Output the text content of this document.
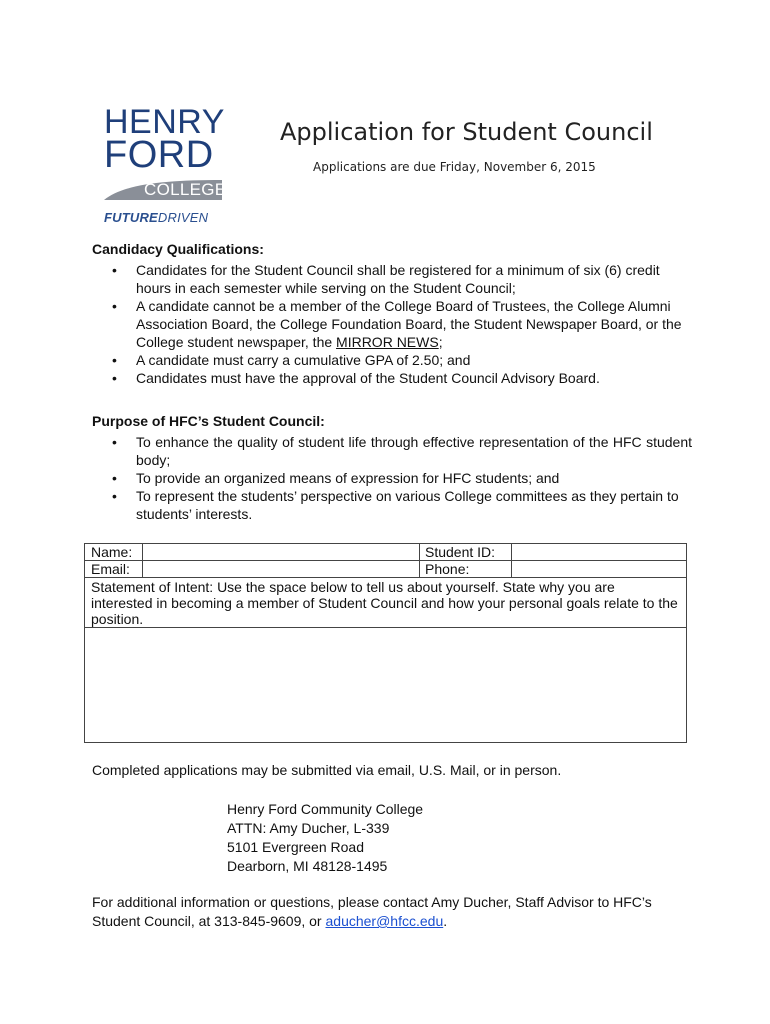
HENRY
FORD
COLLEGE
FUTUREDRIVEN
Application for Student Council
Applications are due Friday, November 6, 2015
Candidacy Qualifications:
• Candidates for the Student Council shall be registered for a minimum of six (6) credit hours in each semester while serving on the Student Council;
• A candidate cannot be a member of the College Board of Trustees, the College Alumni Association Board, the College Foundation Board, the Student Newspaper Board, or the College student newspaper, the MIRROR NEWS;
• A candidate must carry a cumulative GPA of 2.50; and
• Candidates must have the approval of the Student Council Advisory Board.
Purpose of HFC’s Student Council:
• To enhance the quality of student life through effective representation of the HFC student body;
• To provide an organized means of expression for HFC students; and
• To represent the students’ perspective on various College committees as they pertain to students’ interests.
Name:	Student ID:
Email:	Phone:
Statement of Intent: Use the space below to tell us about yourself. State why you are interested in becoming a member of Student Council and how your personal goals relate to the position.
Completed applications may be submitted via email, U.S. Mail, or in person.
Henry Ford Community College
ATTN: Amy Ducher, L-339
5101 Evergreen Road
Dearborn, MI 48128-1495
For additional information or questions, please contact Amy Ducher, Staff Advisor to HFC’s
Student Council, at 313-845-9609, or aducher@hfcc.edu.
